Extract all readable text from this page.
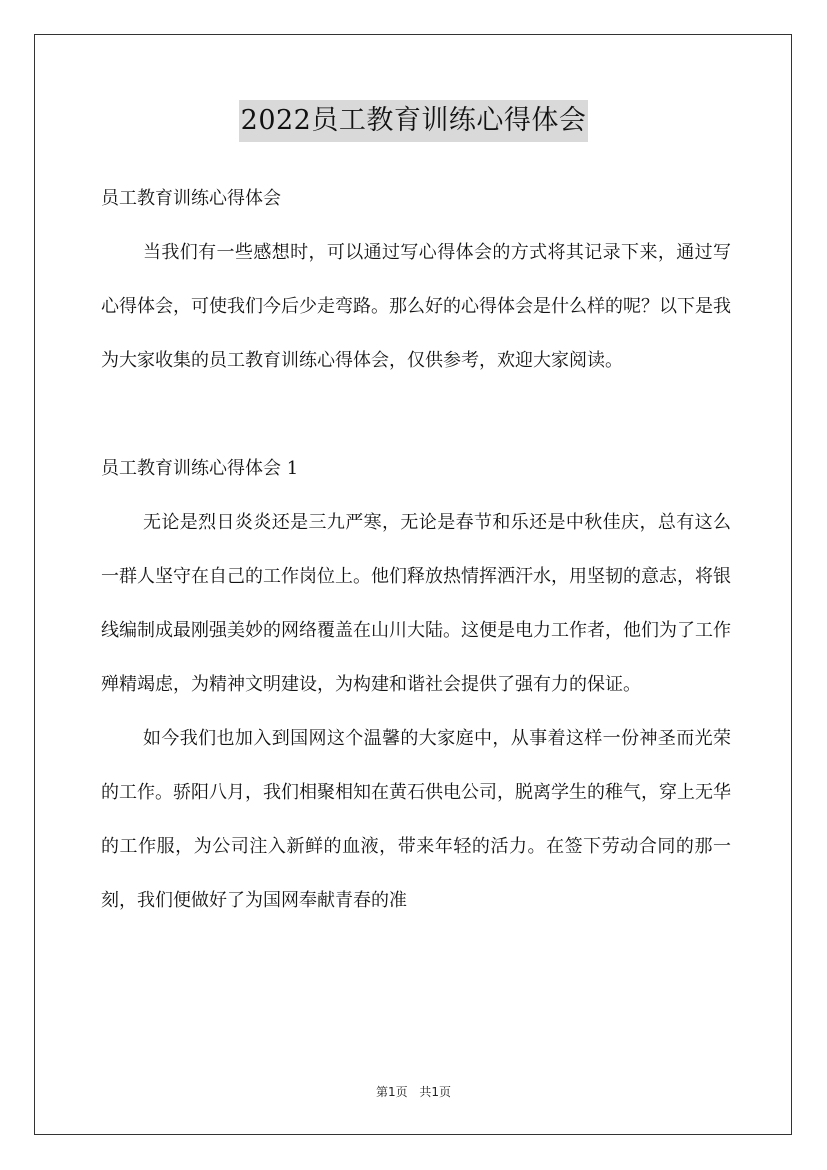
2022员工教育训练心得体会

员工教育训练心得体会

当我们有一些感想时，可以通过写心得体会的方式将其记录下来，通过写心得体会，可使我们今后少走弯路。那么好的心得体会是什么样的呢？以下是我为大家收集的员工教育训练心得体会，仅供参考，欢迎大家阅读。

员工教育训练心得体会 1

无论是烈日炎炎还是三九严寒，无论是春节和乐还是中秋佳庆，总有这么一群人坚守在自己的工作岗位上。他们释放热情挥洒汗水，用坚韧的意志，将银线编制成最刚强美妙的网络覆盖在山川大陆。这便是电力工作者，他们为了工作殚精竭虑，为精神文明建设，为构建和谐社会提供了强有力的保证。

如今我们也加入到国网这个温馨的大家庭中，从事着这样一份神圣而光荣的工作。骄阳八月，我们相聚相知在黄石供电公司，脱离学生的稚气，穿上无华的工作服，为公司注入新鲜的血液，带来年轻的活力。在签下劳动合同的那一刻，我们便做好了为国网奉献青春的准

第1页 共1页
